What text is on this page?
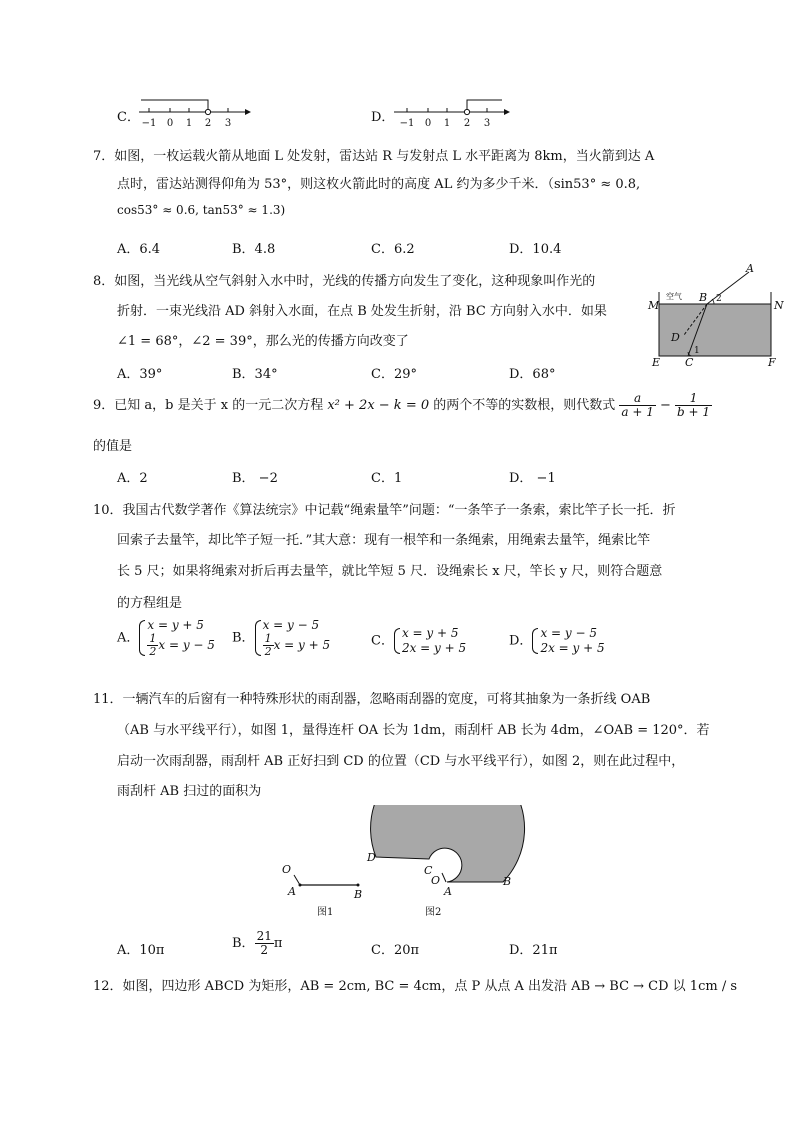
C． −1 0 1 2 3	D． −1 0 1 2 3
7．如图，一枚运载火箭从地面 L 处发射，雷达站 R 与发射点 L 水平距离为 8km，当火箭到达 A
点时，雷达站测得仰角为 53°，则这枚火箭此时的高度 AL 约为多少千米．（sin53° ≈ 0.8,
cos53° ≈ 0.6, tan53° ≈ 1.3)
A．6.4	B．4.8	C．6.2	D．10.4
8．如图，当光线从空气斜射入水中时，光线的传播方向发生了变化，这种现象叫作光的
折射．一束光线沿 AD 斜射入水面，在点 B 处发生折射，沿 BC 方向射入水中．如果
∠1 = 68°，∠2 = 39°，那么光的传播方向改变了
A．39°	B．34°	C．29°	D．68°
A
B
C
D
E	F
M	N
空气
1
2
9．已知 a，b 是关于 x 的一元二次方程 x² + 2x − k = 0 的两个不等的实数根，则代数式 $\frac{a}{a + 1} - \frac{1}{b + 1}$
的值是
A．2	B． −2	C．1	D． −1
10．我国古代数学著作《算法统宗》中记载“绳索量竿”问题：“一条竿子一条索，索比竿子长一托．折
回索子去量竿，却比竿子短一托．”其大意：现有一根竿和一条绳索，用绳索去量竿，绳索比竿
长 5 尺；如果将绳索对折后再去量竿，就比竿短 5 尺．设绳索长 x 尺，竿长 y 尺，则符合题意
的方程组是
A．
x = y + 5
$\frac{1}{2}$ x = y − 5 B．
x = y − 5
$\frac{1}{2}$ x = y + 5	C．
x = y + 5
2x = y + 5	D．
x = y − 5
2x = y + 5
11．一辆汽车的后窗有一种特殊形状的雨刮器，忽略雨刮器的宽度，可将其抽象为一条折线 OAB
（AB 与水平线平行），如图 1，量得连杆 OA 长为 1dm，雨刮杆 AB 长为 4dm，∠OAB = 120°．若
启动一次雨刮器，雨刮杆 AB 正好扫到 CD 的位置（CD 与水平线平行），如图 2，则在此过程中，
雨刮杆 AB 扫过的面积为
O
A	B
图1
D
C
O
A
B
图2
A．10π	B． $\frac{21}{2}$ π	C．20π	D．21π
12．如图，四边形 ABCD 为矩形，AB = 2cm, BC = 4cm，点 P 从点 A 出发沿 AB → BC → CD 以 1cm / s
